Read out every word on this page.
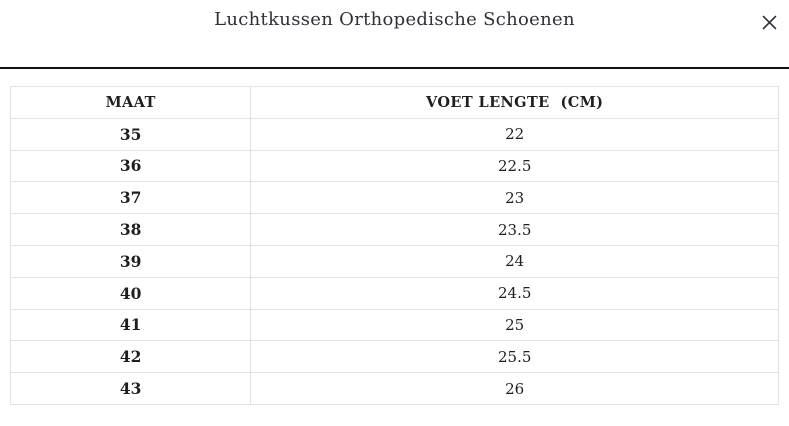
Luchtkussen Orthopedische Schoenen
MAAT	VOET LENGTE  (CM)
35	22
36	22.5
37	23
38	23.5
39	24
40	24.5
41	25
42	25.5
43	26
